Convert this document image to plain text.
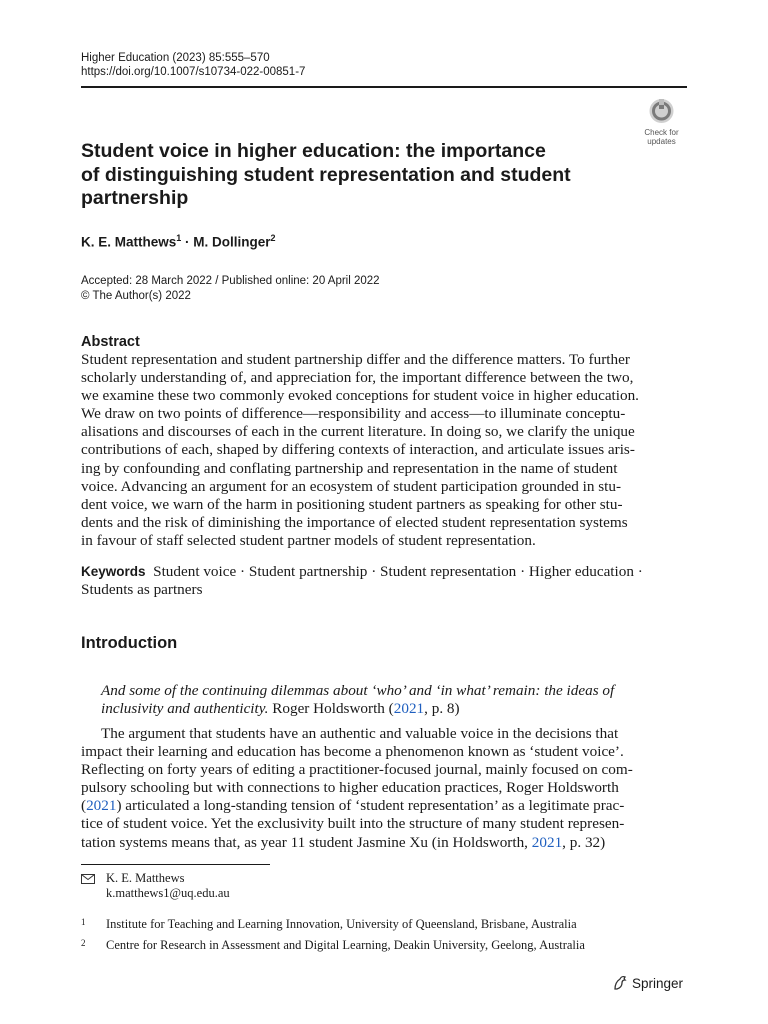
Higher Education (2023) 85:555–570
https://doi.org/10.1007/s10734-022-00851-7
Check for
updates
Student voice in higher education: the importance
of distinguishing student representation and student
partnership
K. E. Matthews$^1$ · M. Dollinger$^2$
Accepted: 28 March 2022 / Published online: 20 April 2022
© The Author(s) 2022
Abstract
Student representation and student partnership differ and the difference matters. To further
scholarly understanding of, and appreciation for, the important difference between the two,
we examine these two commonly evoked conceptions for student voice in higher education.
We draw on two points of difference—responsibility and access—to illuminate conceptu-
alisations and discourses of each in the current literature. In doing so, we clarify the unique
contributions of each, shaped by differing contexts of interaction, and articulate issues aris-
ing by confounding and conflating partnership and representation in the name of student
voice. Advancing an argument for an ecosystem of student participation grounded in stu-
dent voice, we warn of the harm in positioning student partners as speaking for other stu-
dents and the risk of diminishing the importance of elected student representation systems
in favour of staff selected student partner models of student representation.
Keywords Student voice · Student partnership · Student representation · Higher education ·
Students as partners
Introduction
And some of the continuing dilemmas about ‘who’ and ‘in what’ remain: the ideas of
inclusivity and authenticity. Roger Holdsworth (2021, p. 8)
The argument that students have an authentic and valuable voice in the decisions that
impact their learning and education has become a phenomenon known as ‘student voice’.
Reflecting on forty years of editing a practitioner-focused journal, mainly focused on com-
pulsory schooling but with connections to higher education practices, Roger Holdsworth
(2021) articulated a long-standing tension of ‘student representation’ as a legitimate prac-
tice of student voice. Yet the exclusivity built into the structure of many student represen-
tation systems means that, as year 11 student Jasmine Xu (in Holdsworth, 2021, p. 32)
K. E. Matthews
k.matthews1@uq.edu.au
1 Institute for Teaching and Learning Innovation, University of Queensland, Brisbane, Australia
2 Centre for Research in Assessment and Digital Learning, Deakin University, Geelong, Australia
Springer
